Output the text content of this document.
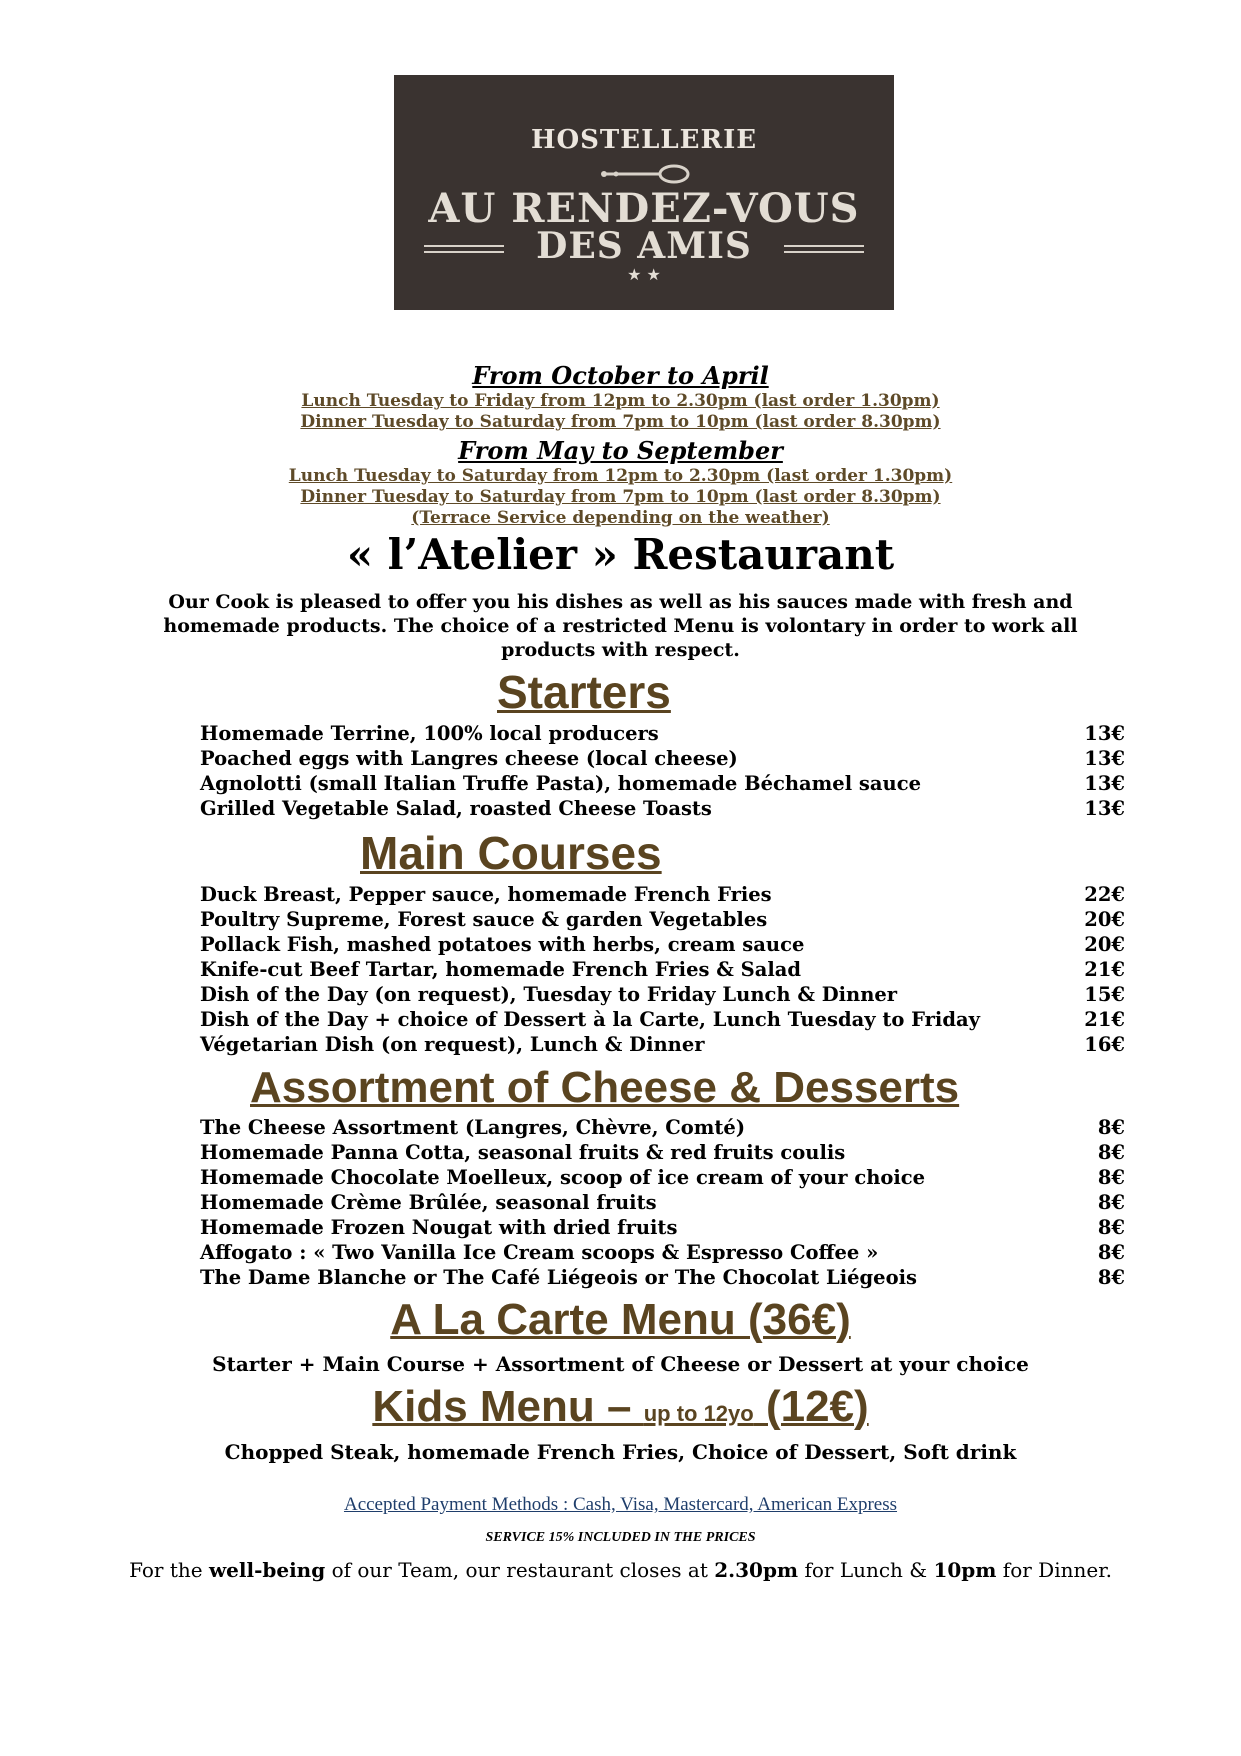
HOSTELLERIE
AU RENDEZ-VOUS
DES AMIS
★ ★
From October to April
Lunch Tuesday to Friday from 12pm to 2.30pm (last order 1.30pm)
Dinner Tuesday to Saturday from 7pm to 10pm (last order 8.30pm)
From May to September
Lunch Tuesday to Saturday from 12pm to 2.30pm (last order 1.30pm)
Dinner Tuesday to Saturday from 7pm to 10pm (last order 8.30pm)
(Terrace Service depending on the weather)
« l’Atelier » Restaurant
Our Cook is pleased to offer you his dishes as well as his sauces made with fresh and
homemade products. The choice of a restricted Menu is volontary in order to work all
products with respect.
Starters
Homemade Terrine, 100% local producers	13€
Poached eggs with Langres cheese (local cheese)	13€
Agnolotti (small Italian Truffe Pasta), homemade Béchamel sauce	13€
Grilled Vegetable Salad, roasted Cheese Toasts	13€
Main Courses
Duck Breast, Pepper sauce, homemade French Fries	22€
Poultry Supreme, Forest sauce & garden Vegetables	20€
Pollack Fish, mashed potatoes with herbs, cream sauce	20€
Knife-cut Beef Tartar, homemade French Fries & Salad	21€
Dish of the Day (on request), Tuesday to Friday Lunch & Dinner	15€
Dish of the Day + choice of Dessert à la Carte, Lunch Tuesday to Friday	21€
Végetarian Dish (on request), Lunch & Dinner	16€
Assortment of Cheese & Desserts
The Cheese Assortment (Langres, Chèvre, Comté)	8€
Homemade Panna Cotta, seasonal fruits & red fruits coulis	8€
Homemade Chocolate Moelleux, scoop of ice cream of your choice	8€
Homemade Crème Brûlée, seasonal fruits	8€
Homemade Frozen Nougat with dried fruits	8€
Affogato : « Two Vanilla Ice Cream scoops & Espresso Coffee »	8€
The Dame Blanche or The Café Liégeois or The Chocolat Liégeois	8€
A La Carte Menu (36€)
Starter + Main Course + Assortment of Cheese or Dessert at your choice
Kids Menu – up to 12yo (12€)
Chopped Steak, homemade French Fries, Choice of Dessert, Soft drink
Accepted Payment Methods : Cash, Visa, Mastercard, American Express
SERVICE 15% INCLUDED IN THE PRICES
For the well-being of our Team, our restaurant closes at 2.30pm for Lunch & 10pm for Dinner.
